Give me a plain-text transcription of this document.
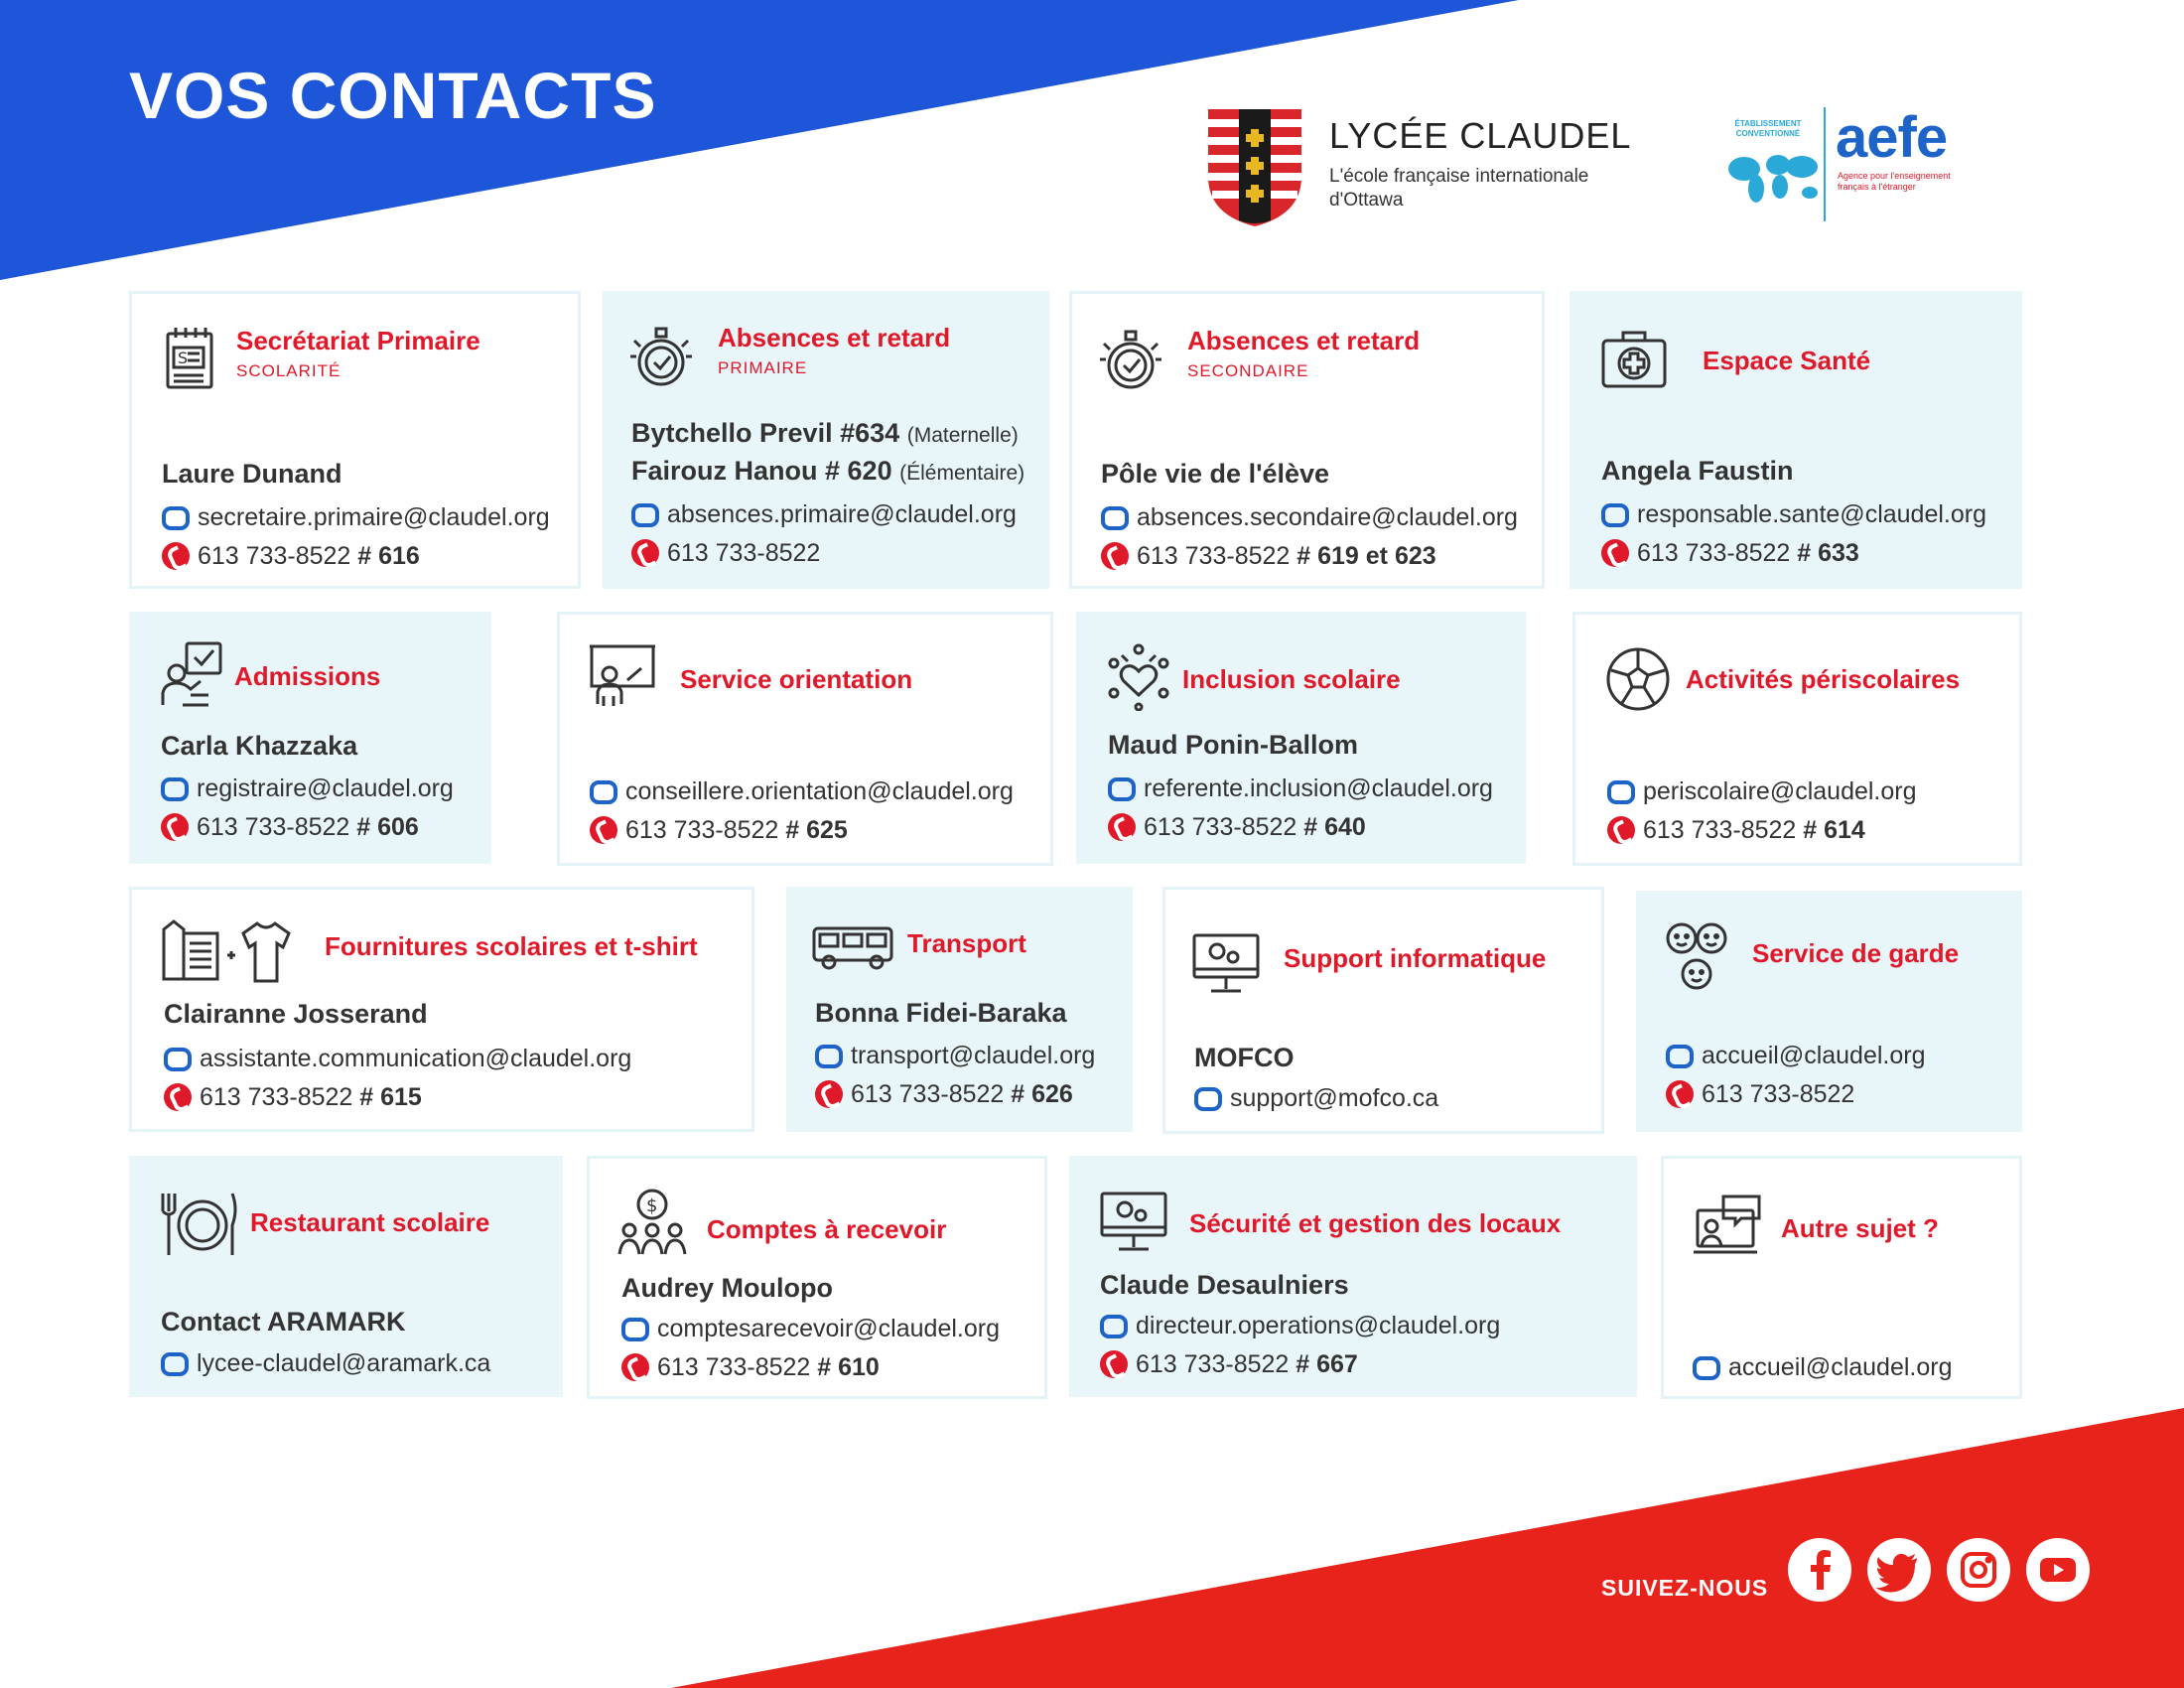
VOS CONTACTS
LYCÉE CLAUDEL
L'école française internationale d'Ottawa
ÉTABLISSEMENT CONVENTIONNÉ aefe
Agence pour l'enseignement français à l'étranger
S
Secrétariat Primaire
SCOLARITÉ
Laure Dunand
secretaire.primaire@claudel.org
613 733-8522 # 616
Absences et retard
PRIMAIRE
Bytchello Previl #634 (Maternelle)
Fairouz Hanou # 620 (Élémentaire)
absences.primaire@claudel.org
613 733-8522
Absences et retard
SECONDAIRE
Pôle vie de l'élève
absences.secondaire@claudel.org
613 733-8522 # 619 et 623
Espace Santé
Angela Faustin
responsable.sante@claudel.org
613 733-8522 # 633
Admissions
Carla Khazzaka
registraire@claudel.org
613 733-8522 # 606
Service orientation
conseillere.orientation@claudel.org
613 733-8522 # 625
Inclusion scolaire
Maud Ponin-Ballom
referente.inclusion@claudel.org
613 733-8522 # 640
Activités périscolaires
periscolaire@claudel.org
613 733-8522 # 614
Fournitures scolaires et t-shirt
Clairanne Josserand
assistante.communication@claudel.org
613 733-8522 # 615
Transport
Bonna Fidei-Baraka
transport@claudel.org
613 733-8522 # 626
Support informatique
MOFCO
support@mofco.ca
Service de garde
accueil@claudel.org
613 733-8522
Restaurant scolaire
Contact ARAMARK
lycee-claudel@aramark.ca
$
Comptes à recevoir
Audrey Moulopo
comptesarecevoir@claudel.org
613 733-8522 # 610
Sécurité et gestion des locaux
Claude Desaulniers
directeur.operations@claudel.org
613 733-8522 # 667
Autre sujet ?
accueil@claudel.org
SUIVEZ-NOUS
